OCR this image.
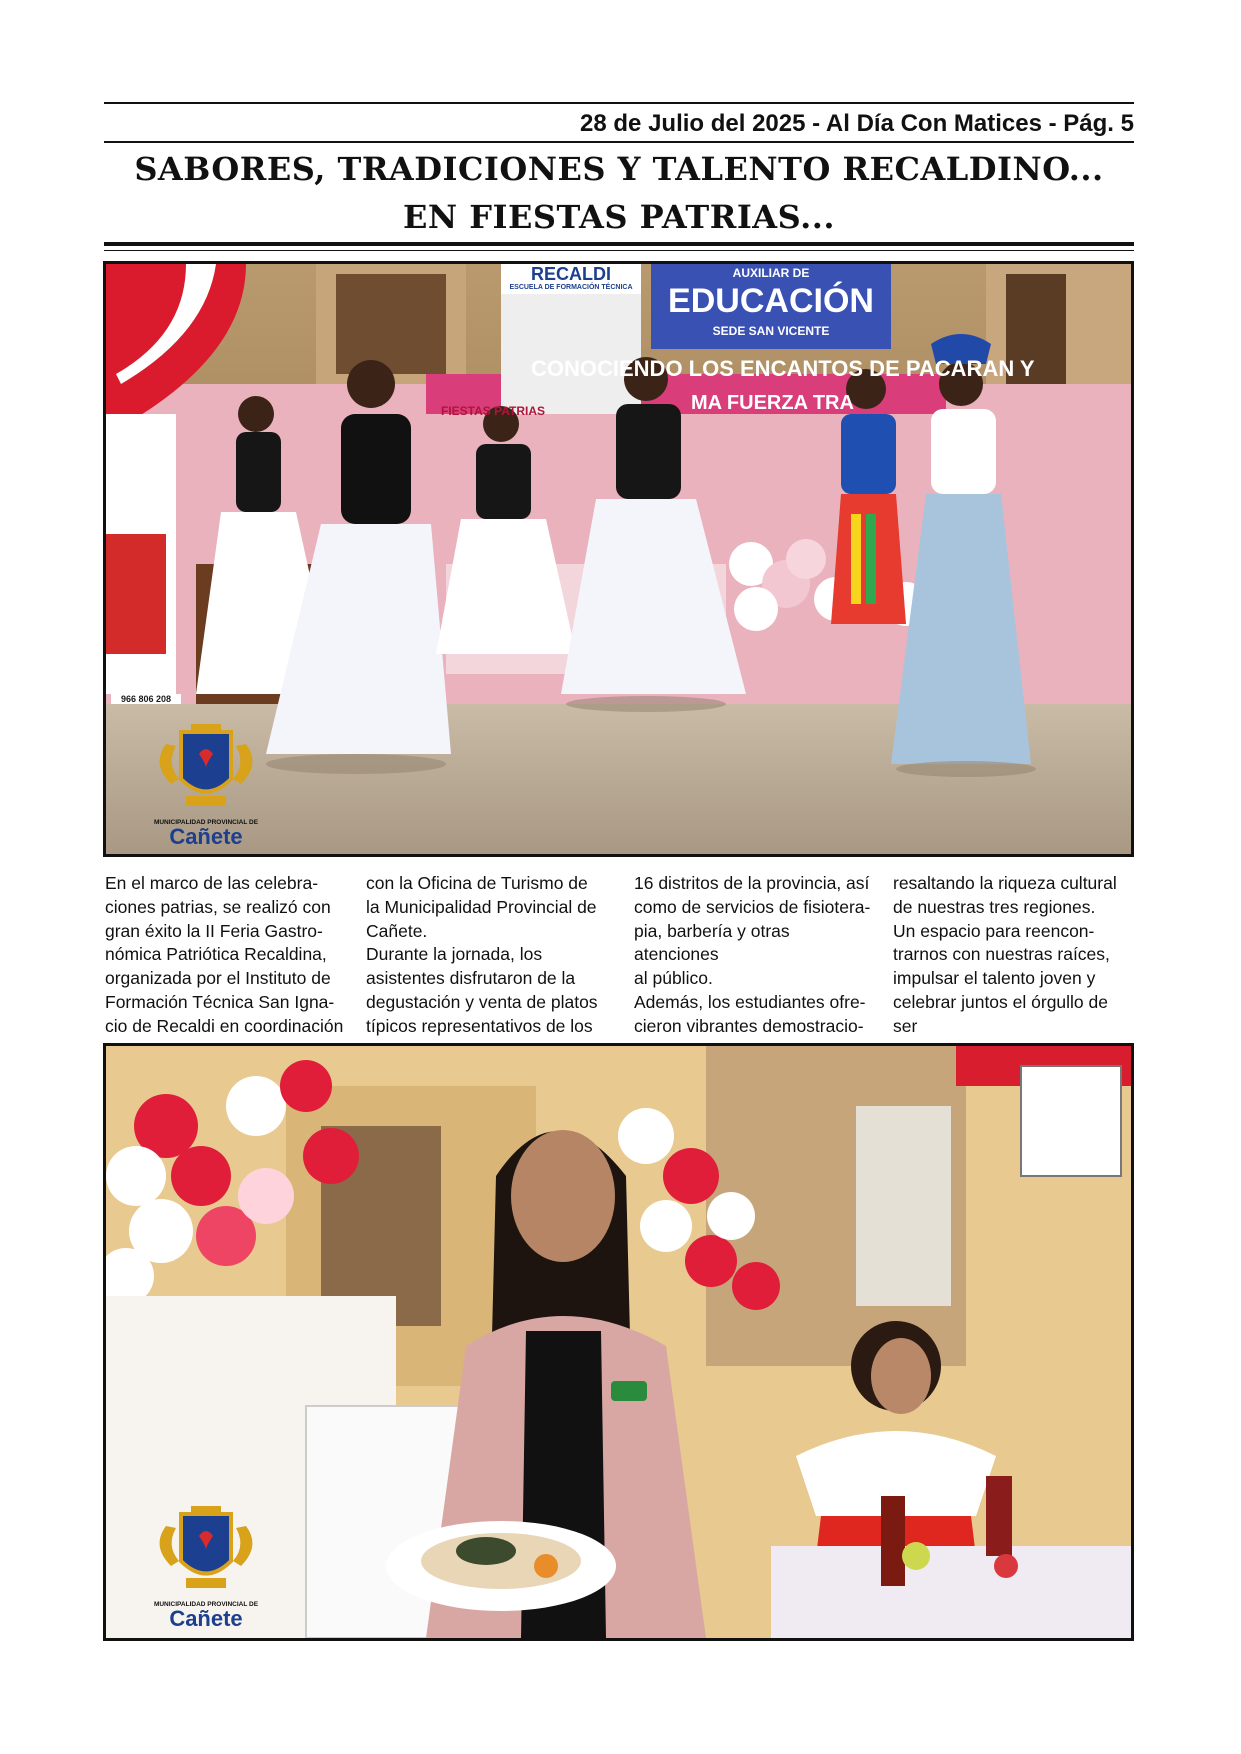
28 de Julio del 2025 - Al Día Con Matices - Pág. 5
SABORES, TRADICIONES Y TALENTO RECALDINO...
EN FIESTAS PATRIAS...
AUXILIAR DE
EDUCACIÓN
SEDE SAN VICENTE
RECALDI
ESCUELA DE FORMACIÓN TÉCNICA
CONOCIENDO LOS ENCANTOS DE PACARAN Y
MA FUERZA TRA
FIESTAS PATRIAS
966 806 208
MUNICIPALIDAD PROVINCIAL DE
Cañete
En el marco de las celebra-
ciones patrias, se realizó con
gran éxito la II Feria Gastro-
nómica Patriótica Recaldina,
organizada por el Instituto de
Formación Técnica San Igna-
cio de Recaldi en coordinación
con la Oficina de Turismo de
la Municipalidad Provincial de
Cañete.
Durante la jornada, los
asistentes disfrutaron de la
degustación y venta de platos
típicos representativos de los
16 distritos de la provincia, así
como de servicios de fisiotera-
pia, barbería y otras atenciones
al público.
Además, los estudiantes ofre-
cieron vibrantes demostracio-

resaltando la riqueza cultural
de nuestras tres regiones.
Un espacio para reencon-
trarnos con nuestras raíces,
impulsar el talento joven y
celebrar juntos el órgullo de ser

MUNICIPALIDAD PROVINCIAL DE
Cañete
